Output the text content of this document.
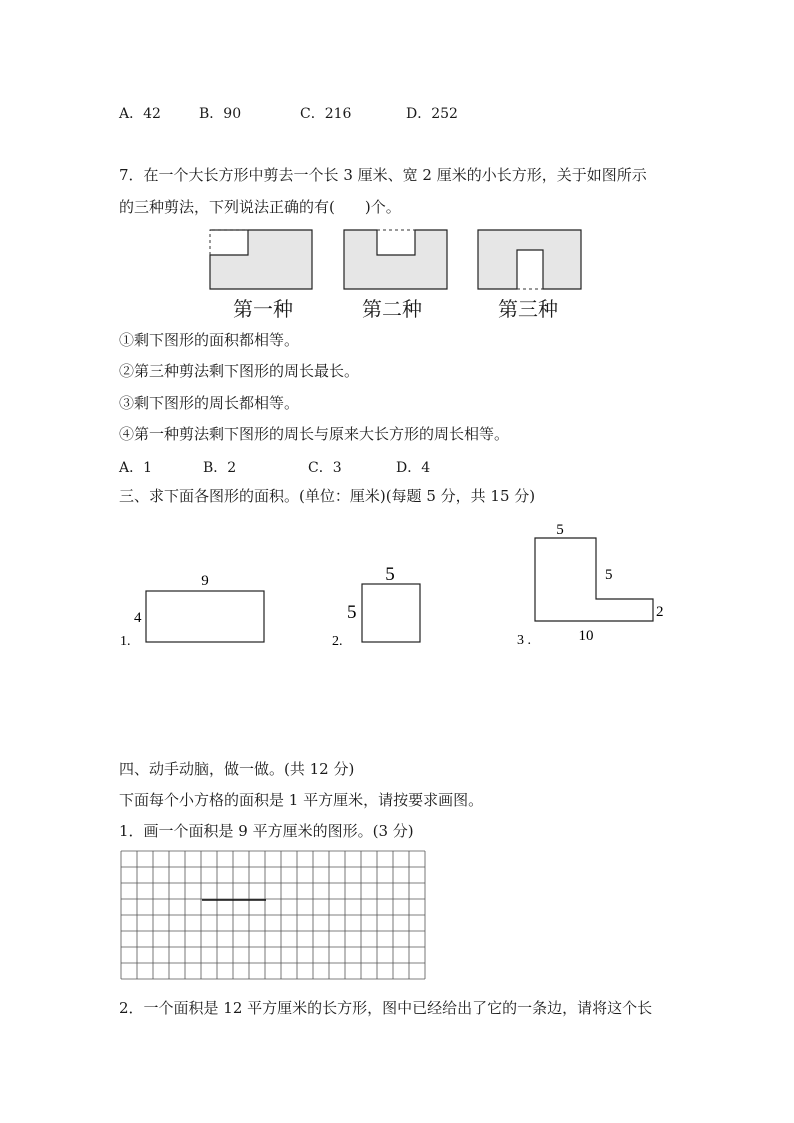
A．42	B．90	C．216	D．252
7．在一个大长方形中剪去一个长 3 厘米、宽 2 厘米的小长方形，关于如图所示
的三种剪法，下列说法正确的有(　　)个。
第一种	第二种	第三种
①剩下图形的面积都相等。
②第三种剪法剩下图形的周长最长。
③剩下图形的周长都相等。
④第一种剪法剩下图形的周长与原来大长方形的周长相等。
A．1	B．2	C．3	D．4
三、求下面各图形的面积。(单位：厘米)(每题 5 分，共 15 分)
1.
9
4
2.
5
5
3 .
5
5
2
10
四、动手动脑，做一做。(共 12 分)
下面每个小方格的面积是 1 平方厘米，请按要求画图。
1．画一个面积是 9 平方厘米的图形。(3 分)
2．一个面积是 12 平方厘米的长方形，图中已经给出了它的一条边，请将这个长
